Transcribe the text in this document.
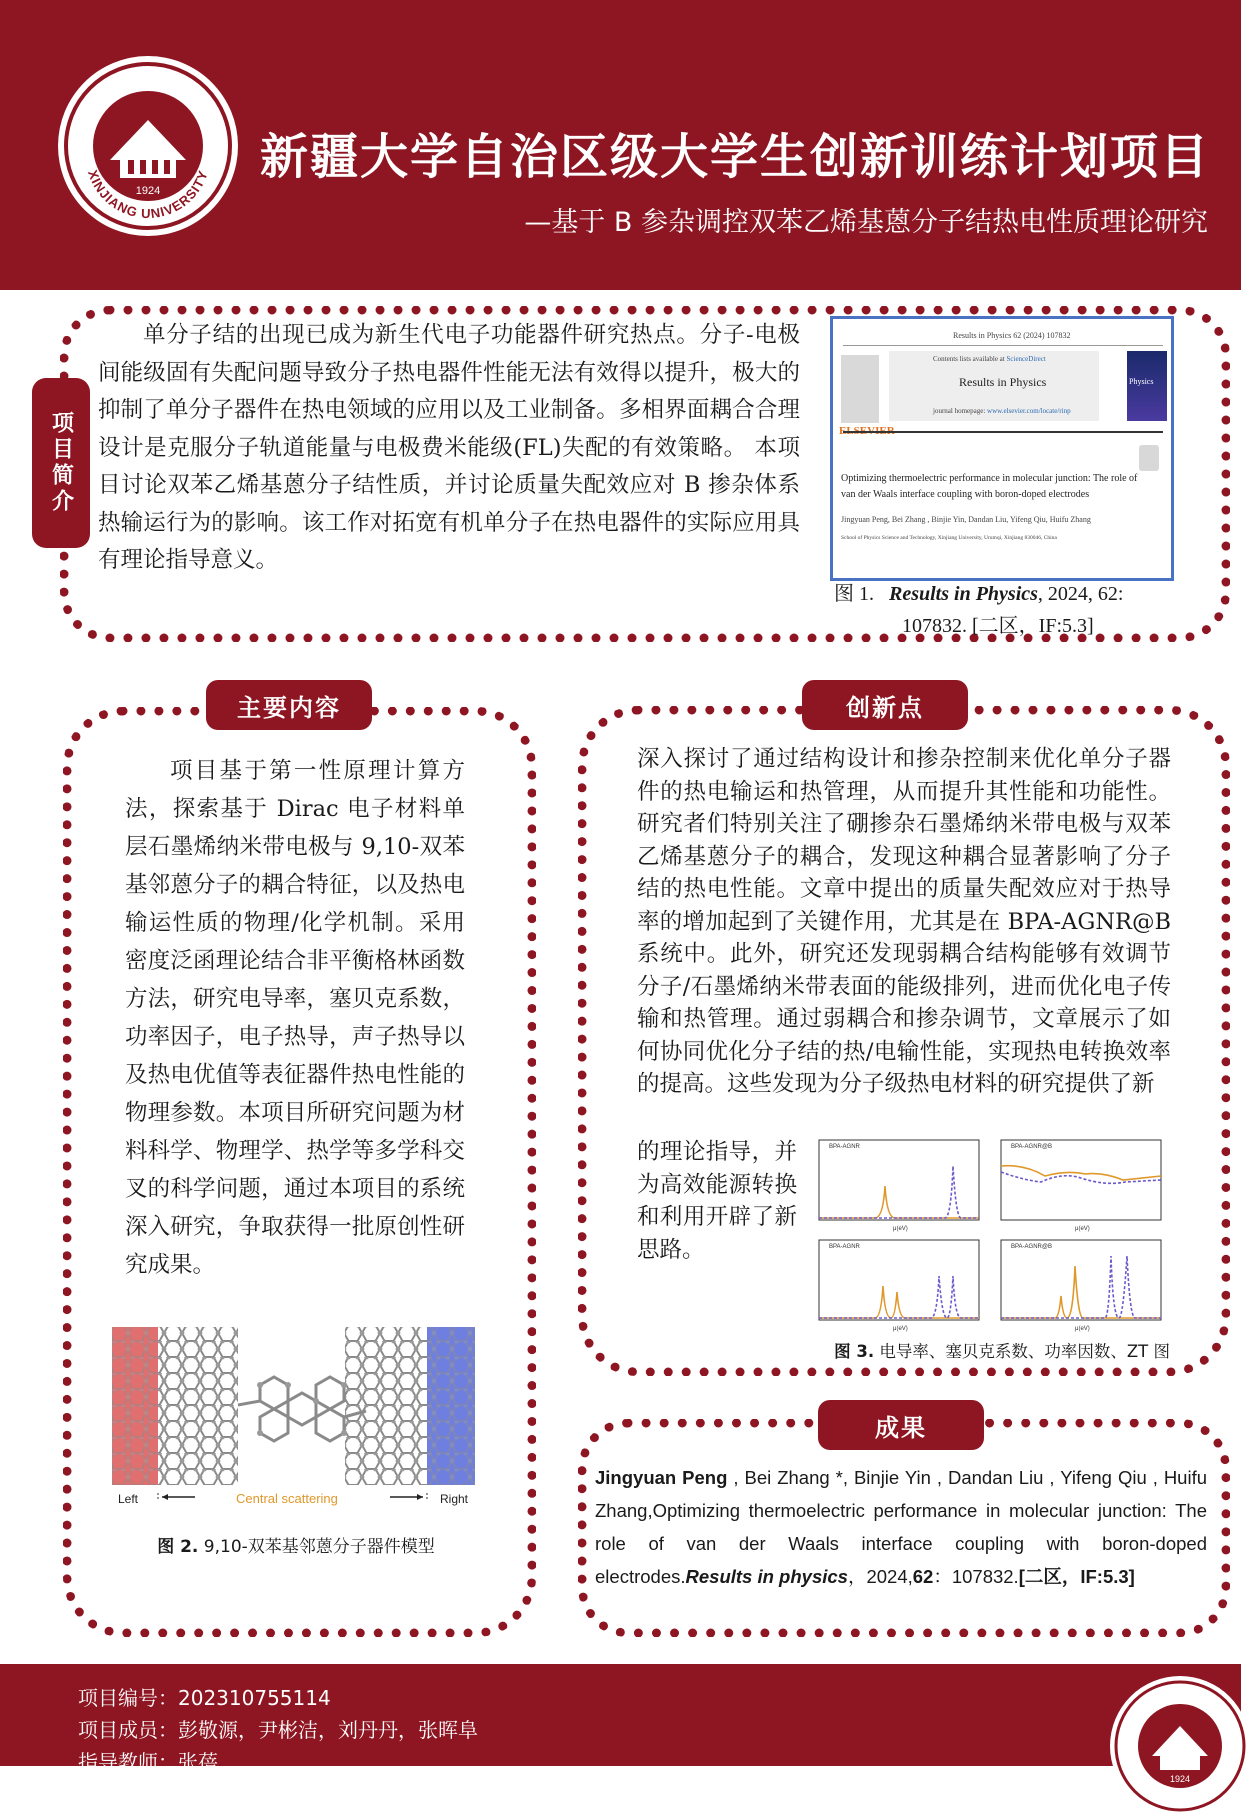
1924
XINJIANG UNIVERSITY 新疆大学自治区级大学生创新训练计划项目
—基于 B 参杂调控双苯乙烯基蒽分子结热电性质理论研究
项目简介
单分子结的出现已成为新生代电子功能器件研究热点。分子-电极间能级固有失配问题导致分子热电器件性能无法有效得以提升，极大的抑制了单分子器件在热电领域的应用以及工业制备。多相界面耦合合理设计是克服分子轨道能量与电极费米能级(FL)失配的有效策略。 本项目讨论双苯乙烯基蒽分子结性质，并讨论质量失配效应对 B 掺杂体系热输运行为的影响。该工作对拓宽有机单分子在热电器件的实际应用具有理论指导意义。
Results in Physics 62 (2024) 107832
ELSEVIER
Contents lists available at ScienceDirect
Results in Physics
journal homepage: www.elsevier.com/locate/rinp
Physics
Optimizing thermoelectric performance in molecular junction: The role of
van der Waals interface coupling with boron-doped electrodes
Jingyuan Peng, Bei Zhang , Binjie Yin, Dandan Liu, Yifeng Qiu, Huifu Zhang
School of Physics Science and Technology, Xinjiang University, Urumqi, Xinjiang 830046, China
图 1. Results in Physics, 2024, 62:
107832. [二区，IF:5.3]
主要内容
项目基于第一性原理计算方法，探索基于 Dirac 电子材料单层石墨烯纳米带电极与 9,10-双苯基邻蒽分子的耦合特征，以及热电输运性质的物理/化学机制。采用密度泛函理论结合非平衡格林函数方法，研究电导率，塞贝克系数，功率因子，电子热导，声子热导以及热电优值等表征器件热电性能的物理参数。本项目所研究问题为材料科学、物理学、热学等多学科交叉的科学问题，通过本项目的系统深入研究，争取获得一批原创性研究成果。
Left	Central scattering	Right
图 2. 9,10-双苯基邻蒽分子器件模型
创新点
深入探讨了通过结构设计和掺杂控制来优化单分子器件的热电输运和热管理，从而提升其性能和功能性。研究者们特别关注了硼掺杂石墨烯纳米带电极与双苯乙烯基蒽分子的耦合，发现这种耦合显著影响了分子结的热电性能。文章中提出的质量失配效应对于热导率的增加起到了关键作用，尤其是在 BPA-AGNR@B 系统中。此外，研究还发现弱耦合结构能够有效调节分子/石墨烯纳米带表面的能级排列，进而优化电子传输和热管理。通过弱耦合和掺杂调节，文章展示了如何协同优化分子结的热/电输性能，实现热电转换效率的提高。这些发现为分子级热电材料的研究提供了新
的理论指导，并为高效能源转换和利用开辟了新思路。
BPA-AGNR
μ(eV)
BPA-AGNR@B
μ(eV)
BPA-AGNR
μ(eV)
BPA-AGNR@B
μ(eV)
图 3. 电导率、塞贝克系数、功率因数、ZT 图
成果
Jingyuan Peng , Bei Zhang *, Binjie Yin , Dandan Liu , Yifeng Qiu , Huifu Zhang,Optimizing thermoelectric performance in molecular junction: The role of van der Waals interface coupling with boron-doped electrodes.Results in physics，2024,62：107832.[二区，IF:5.3]
项目编号：202310755114
项目成员：彭敬源，尹彬洁，刘丹丹，张晖阜
指导教师：张蓓
1924
